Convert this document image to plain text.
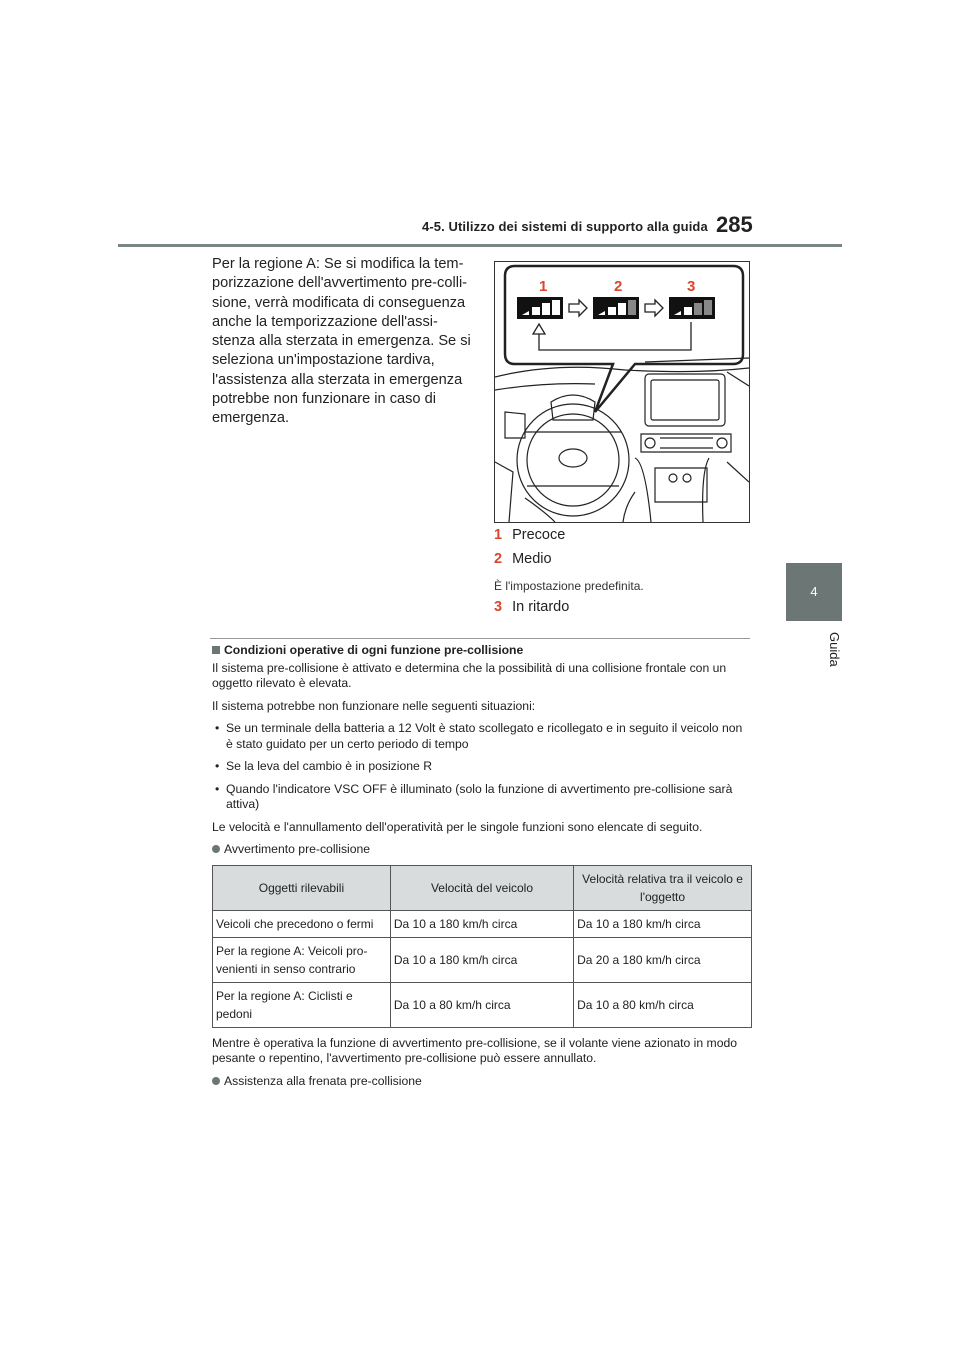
4-5. Utilizzo dei sistemi di supporto alla guida 285
4
Guida
Per la regione A: Se si modifica la tem-porizzazione dell'avvertimento pre-colli-sione, verrà modificata di conseguenza anche la temporizzazione dell'assi-stenza alla sterzata in emergenza. Se si seleziona un'impostazione tardiva, l'assistenza alla sterzata in emergenza potrebbe non funzionare in caso di emergenza.
1	2	3
1 Precoce
2 Medio
È l'impostazione predefinita.
3 In ritardo

Condizioni operative di ogni funzione pre-collisione

Il sistema pre-collisione è attivato e determina che la possibilità di una collisione frontale con un oggetto rilevato è elevata.

Il sistema potrebbe non funzionare nelle seguenti situazioni:

•  Se un terminale della batteria a 12 Volt è stato scollegato e ricollegato e in seguito il veicolo non è stato guidato per un certo periodo di tempo

•  Se la leva del cambio è in posizione R

•  Quando l'indicatore VSC OFF è illuminato (solo la funzione di avvertimento pre-collisione sarà attiva)

Le velocità e l'annullamento dell'operatività per le singole funzioni sono elencate di seguito.

Avvertimento pre-collisione

Oggetti rilevabili	Velocità del veicolo	Velocità relativa tra il veicolo e l'oggetto
Veicoli che precedono o fermi	Da 10 a 180 km/h circa	Da 10 a 180 km/h circa
Per la regione A: Veicoli pro-venienti in senso contrario	Da 10 a 180 km/h circa	Da 20 a 180 km/h circa
Per la regione A: Ciclisti e pedoni	Da 10 a 80 km/h circa	Da 10 a 80 km/h circa

Mentre è operativa la funzione di avvertimento pre-collisione, se il volante viene azionato in modo pesante o repentino, l'avvertimento pre-collisione può essere annullato.

Assistenza alla frenata pre-collisione
